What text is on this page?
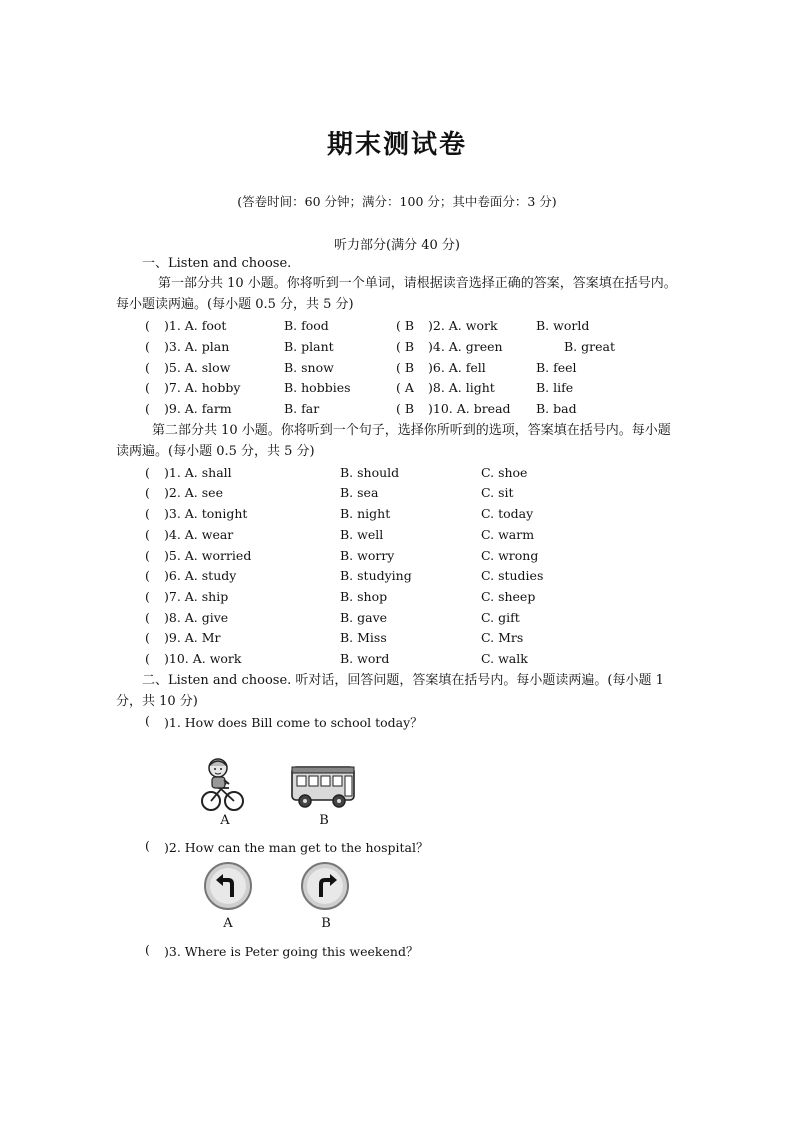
期末测试卷
(答卷时间：60 分钟；满分：100 分；其中卷面分：3 分)
听力部分(满分 40 分)
一、Listen and choose.
第一部分共 10 小题。你将听到一个单词，请根据读音选择正确的答案，答案填在括号内。每小题读两遍。(每小题 0.5 分，共 5 分)
( )1. A. foot	B. food	( B )2. A. work	B. world
( )3. A. plan	B. plant	( B )4. A. green	B. great
( )5. A. slow	B. snow	( B )6. A. fell	B. feel
( )7. A. hobby	B. hobbies	( A )8. A. light	B. life
( )9. A. farm	B. far	( B )10. A. bread B. bad
第二部分共 10 小题。你将听到一个句子，选择你所听到的选项，答案填在括号内。每小题读两遍。(每小题 0.5 分，共 5 分)
( )1. A. shall	B. should	C. shoe
( )2. A. see	B. sea	C. sit
( )3. A. tonight	B. night	C. today
( )4. A. wear	B. well	C. warm
( )5. A. worried	B. worry	C. wrong
( )6. A. study	B. studying	C. studies
( )7. A. ship	B. shop	C. sheep
( )8. A. give	B. gave	C. gift
( )9. A. Mr	B. Miss	C. Mrs
( )10. A. work	B. word	C. walk
二、Listen and choose. 听对话，回答问题，答案填在括号内。每小题读两遍。(每小题 1 分，共 10 分)
( )1. How does Bill come to school today？
A	B
( )2. How can the man get to the hospital？
A	B
( )3. Where is Peter going this weekend？
